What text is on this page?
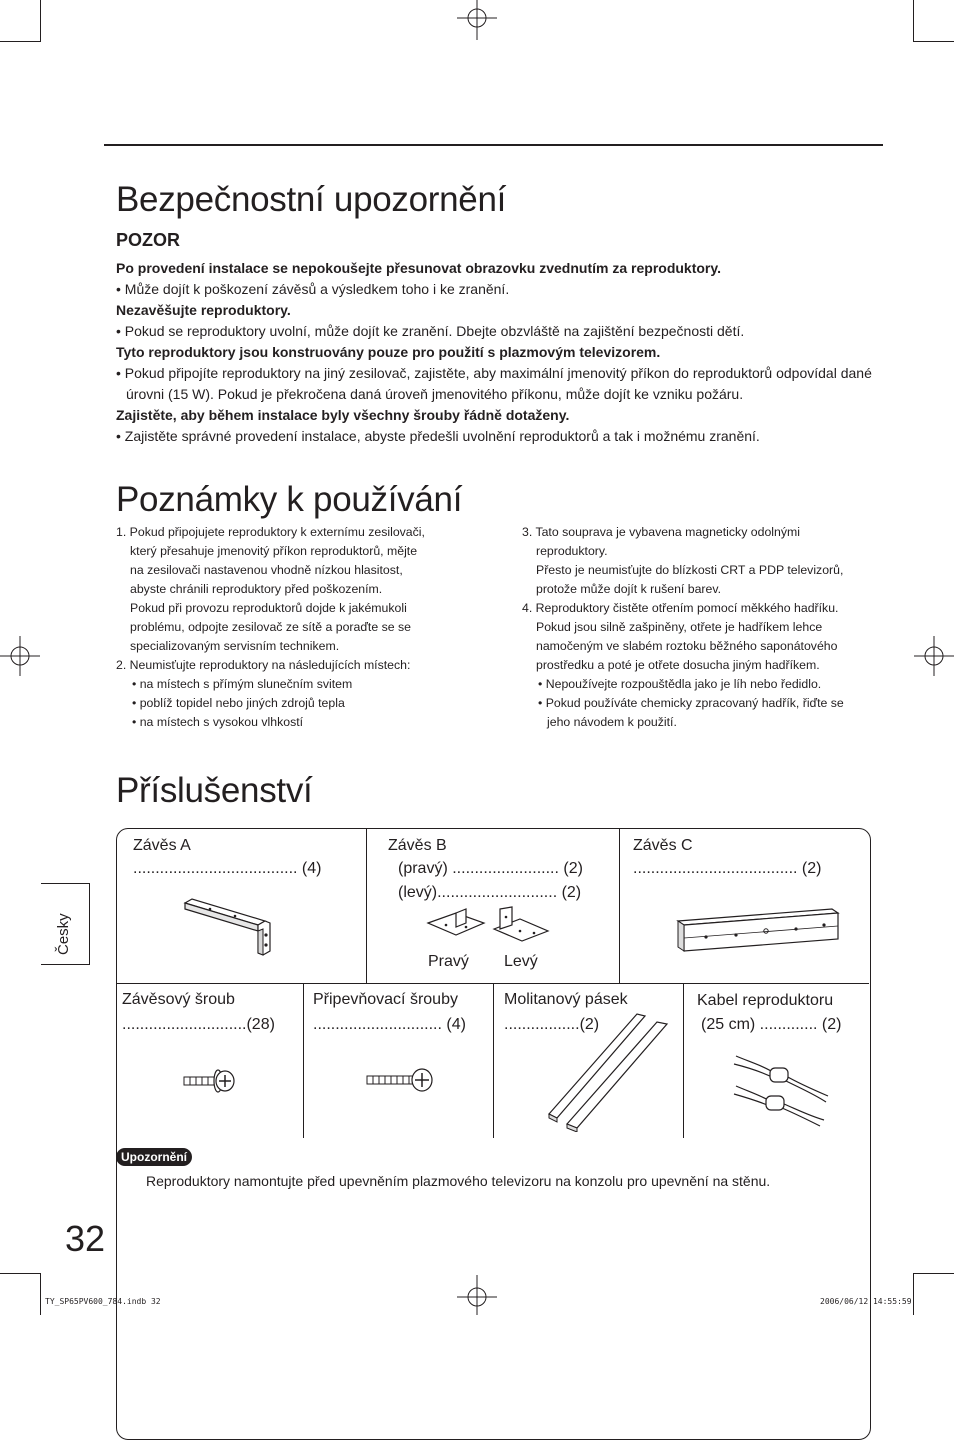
Bezpečnostní upozornění
POZOR

Po provedení instalace se nepokoušejte přesunovat obrazovku zvednutím za reproduktory.

• Může dojít k poškození závěsů a výsledkem toho i ke zranění.

Nezavěšujte reproduktory.

• Pokud se reproduktory uvolní, může dojít ke zranění. Dbejte obzvláště na zajištění bezpečnosti dětí.

Tyto reproduktory jsou konstruovány pouze pro použití s plazmovým televizorem.

• Pokud připojíte reproduktory na jiný zesilovač, zajistěte, aby maximální jmenovitý příkon do reproduktorů odpovídal dané úrovni (15 W). Pokud je překročena daná úroveň jmenovitého příkonu, může dojít ke vzniku požáru.

Zajistěte, aby během instalace byly všechny šrouby řádně dotaženy.

• Zajistěte správné provedení instalace, abyste předešli uvolnění reproduktorů a tak i možnému zranění.

Poznámky k používání

1. Pokud připojujete reproduktory k externímu zesilovači,

který přesahuje jmenovitý příkon reproduktorů, mějte

na zesilovači nastavenou vhodně nízkou hlasitost,

abyste chránili reproduktory před poškozením.

Pokud při provozu reproduktorů dojde k jakémukoli

problému, odpojte zesilovač ze sítě a poraďte se se

specializovaným servisním technikem.

2. Neumisťujte reproduktory na následujících místech:

• na místech s přímým slunečním svitem

• poblíž topidel nebo jiných zdrojů tepla

• na místech s vysokou vlhkostí

3. Tato souprava je vybavena magneticky odolnými

reproduktory.

Přesto je neumisťujte do blízkosti CRT a PDP televizorů,

protože může dojít k rušení barev.

4. Reproduktory čistěte otřením pomocí měkkého hadříku.

Pokud jsou silně zašpiněny, otřete je hadříkem lehce

namočeným ve slabém roztoku běžného saponátového

prostředku a poté je otřete dosucha jiným hadříkem.

• Nepoužívejte rozpouštědla jako je líh nebo ředidlo.

• Pokud používáte chemicky zpracovaný hadřík, řiďte se

jeho návodem k použití.

Příslušenství
Česky
Závěs A
..................................... (4)
Závěs B
(pravý) ........................ (2)
(levý)........................... (2)
Pravý Levý
Závěs C
..................................... (2)
Závěsový šroub
............................(28)
Připevňovací šrouby
............................. (4)
Molitanový pásek
.................(2)
Kabel reproduktoru
(25 cm) ............. (2)
Upozornění
Reproduktory namontujte před upevněním plazmového televizoru na konzolu pro upevnění na stěnu.
32
TY_SP65PV600_784.indb 32	2006/06/12 14:55:59
